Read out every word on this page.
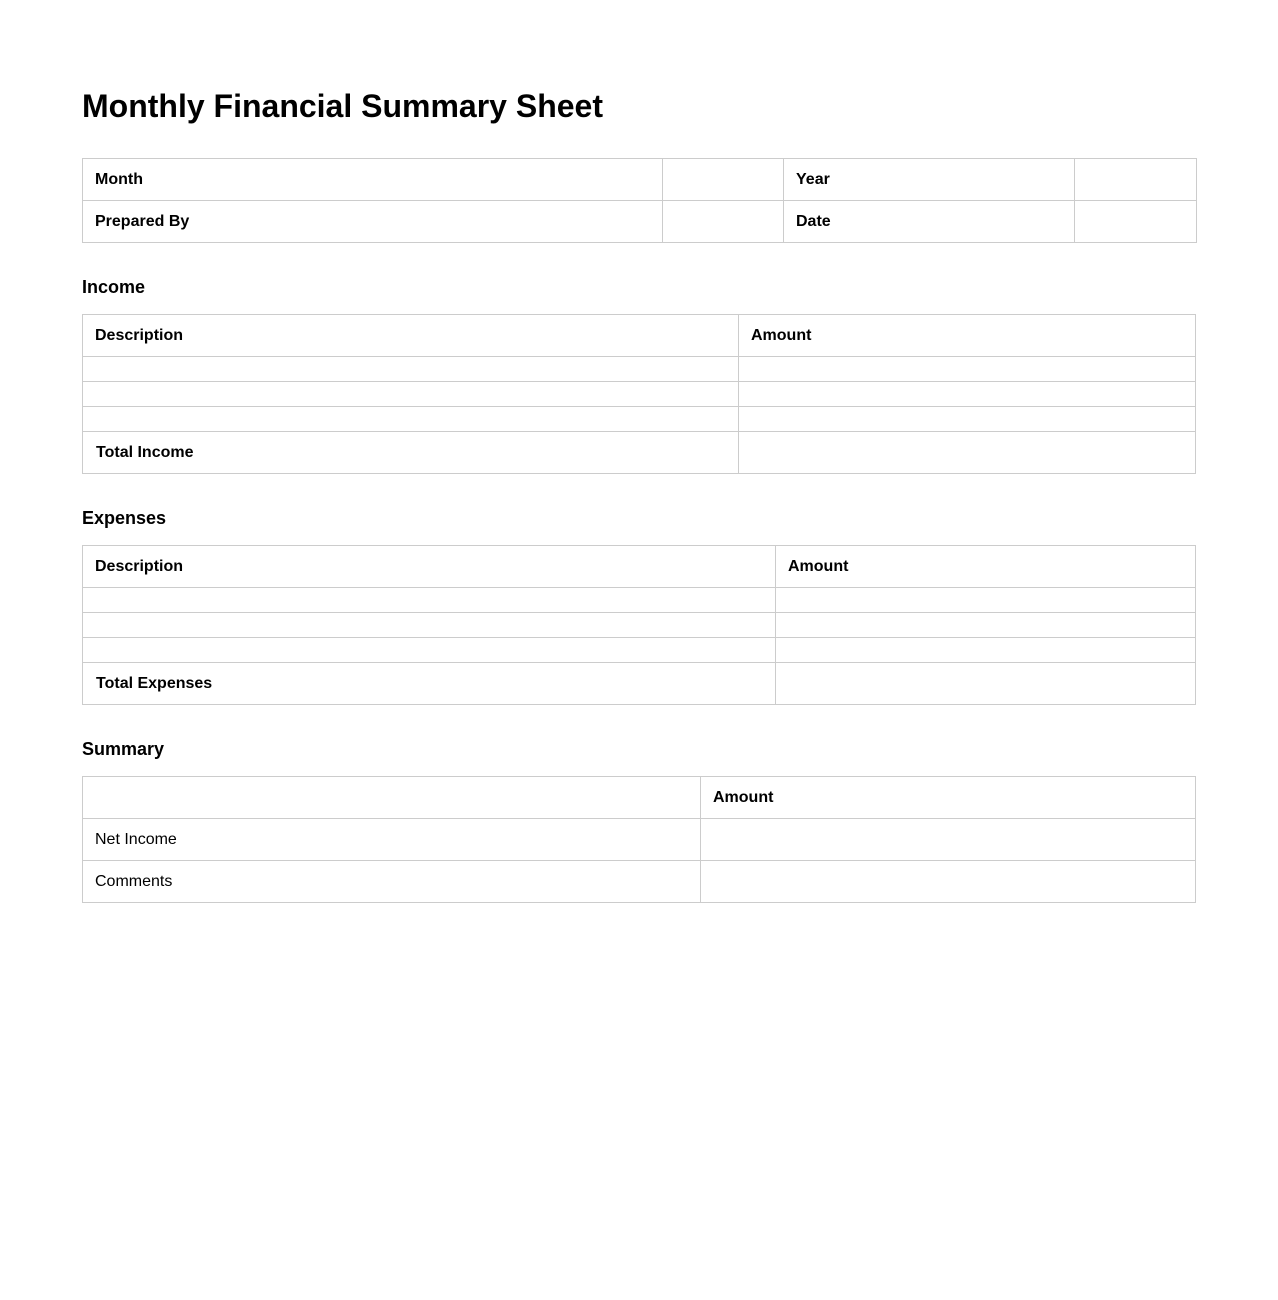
Monthly Financial Summary Sheet
Month		Year	
Prepared By		Date	
Income
Description	Amount

Total Income	
Expenses
Description	Amount

Total Expenses	
Summary
	Amount
Net Income	
Comments	
